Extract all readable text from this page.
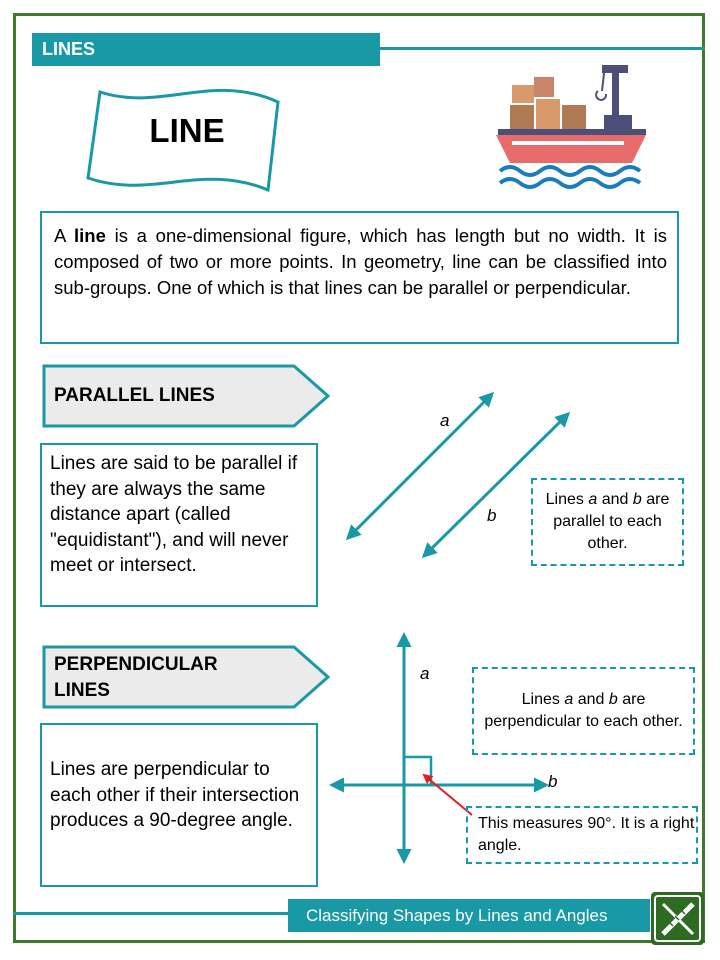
LINES
LINE
A line is a one-dimensional figure, which has length but no width. It is composed of two or more points. In geometry, line can be classified into sub-groups. One of which is that lines can be parallel or perpendicular.
PARALLEL LINES
Lines are said to be parallel if they are always the same distance apart (called "equidistant"), and will never meet or intersect.
a
b
Lines a and b are parallel to each other.
PERPENDICULAR
LINES
Lines are perpendicular to each other if their intersection produces a 90-degree angle.
a
b
Lines a and b are perpendicular to each other.
This measures 90°. It is a right angle.
Classifying Shapes by Lines and Angles
